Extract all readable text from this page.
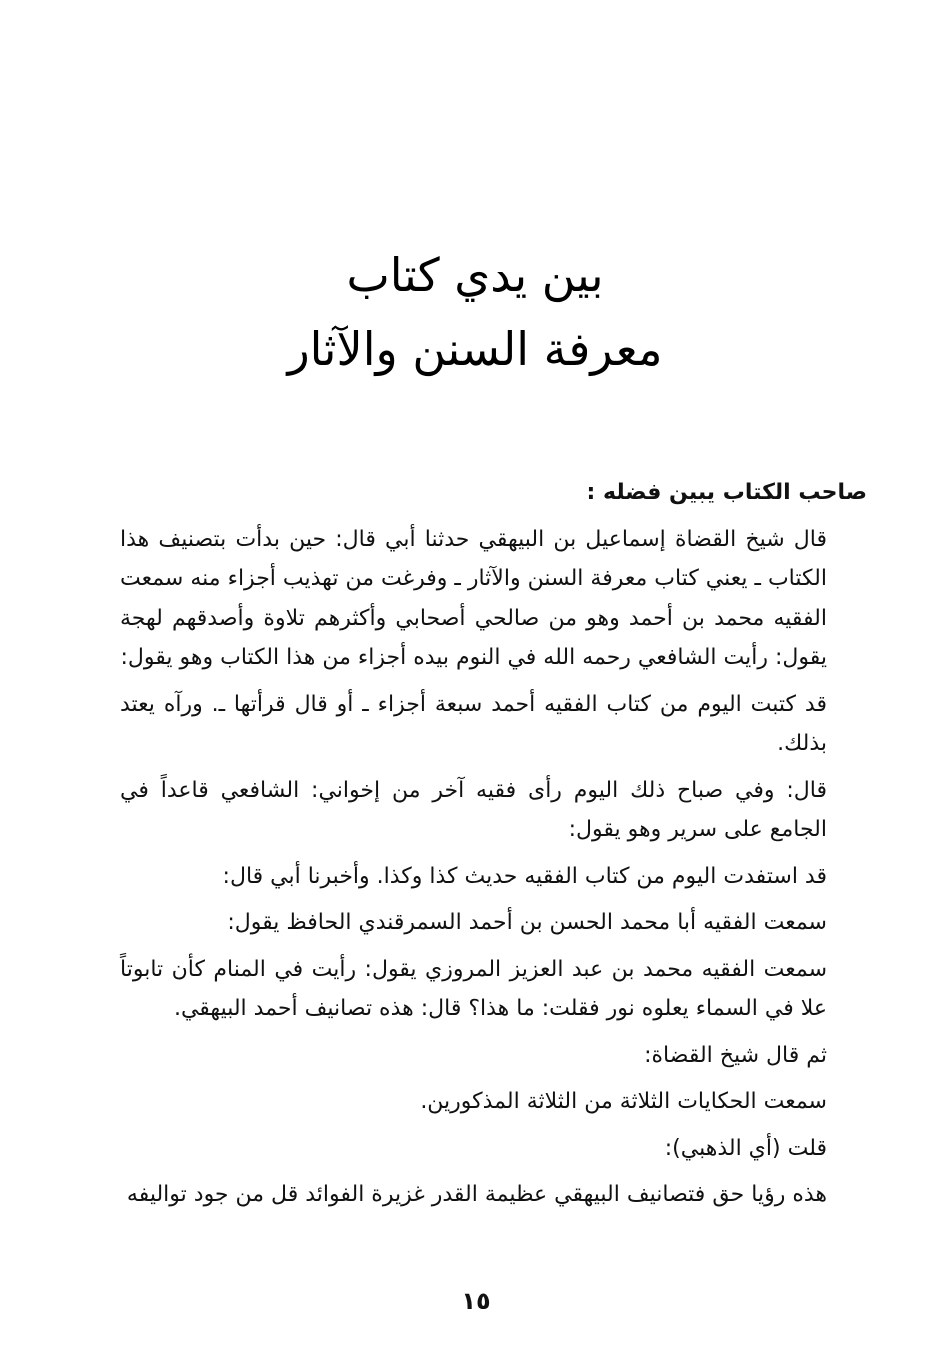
بين يدي كتاب
معرفة السنن والآثار

صاحب الكتاب يبين فضله :

قال شيخ القضاة إسماعيل بن البيهقي حدثنا أبي قال: حين بدأت بتصنيف هذا الكتاب ـ يعني كتاب معرفة السنن والآثار ـ وفرغت من تهذيب أجزاء منه سمعت الفقيه محمد بن أحمد وهو من صالحي أصحابي وأكثرهم تلاوة وأصدقهم لهجة يقول: رأيت الشافعي رحمه الله في النوم بيده أجزاء من هذا الكتاب وهو يقول:

قد كتبت اليوم من كتاب الفقيه أحمد سبعة أجزاء ـ أو قال قرأتها ـ. ورآه يعتد بذلك.

قال: وفي صباح ذلك اليوم رأى فقيه آخر من إخواني: الشافعي قاعداً في الجامع على سرير وهو يقول:

قد استفدت اليوم من كتاب الفقيه حديث كذا وكذا. وأخبرنا أبي قال:

سمعت الفقيه أبا محمد الحسن بن أحمد السمرقندي الحافظ يقول:

سمعت الفقيه محمد بن عبد العزيز المروزي يقول: رأيت في المنام كأن تابوتاً علا في السماء يعلوه نور فقلت: ما هذا؟ قال: هذه تصانيف أحمد البيهقي.

ثم قال شيخ القضاة:

سمعت الحكايات الثلاثة من الثلاثة المذكورين.

قلت (أي الذهبي):

هذه رؤيا حق فتصانيف البيهقي عظيمة القدر غزيرة الفوائد قل من جود تواليفه

١٥
